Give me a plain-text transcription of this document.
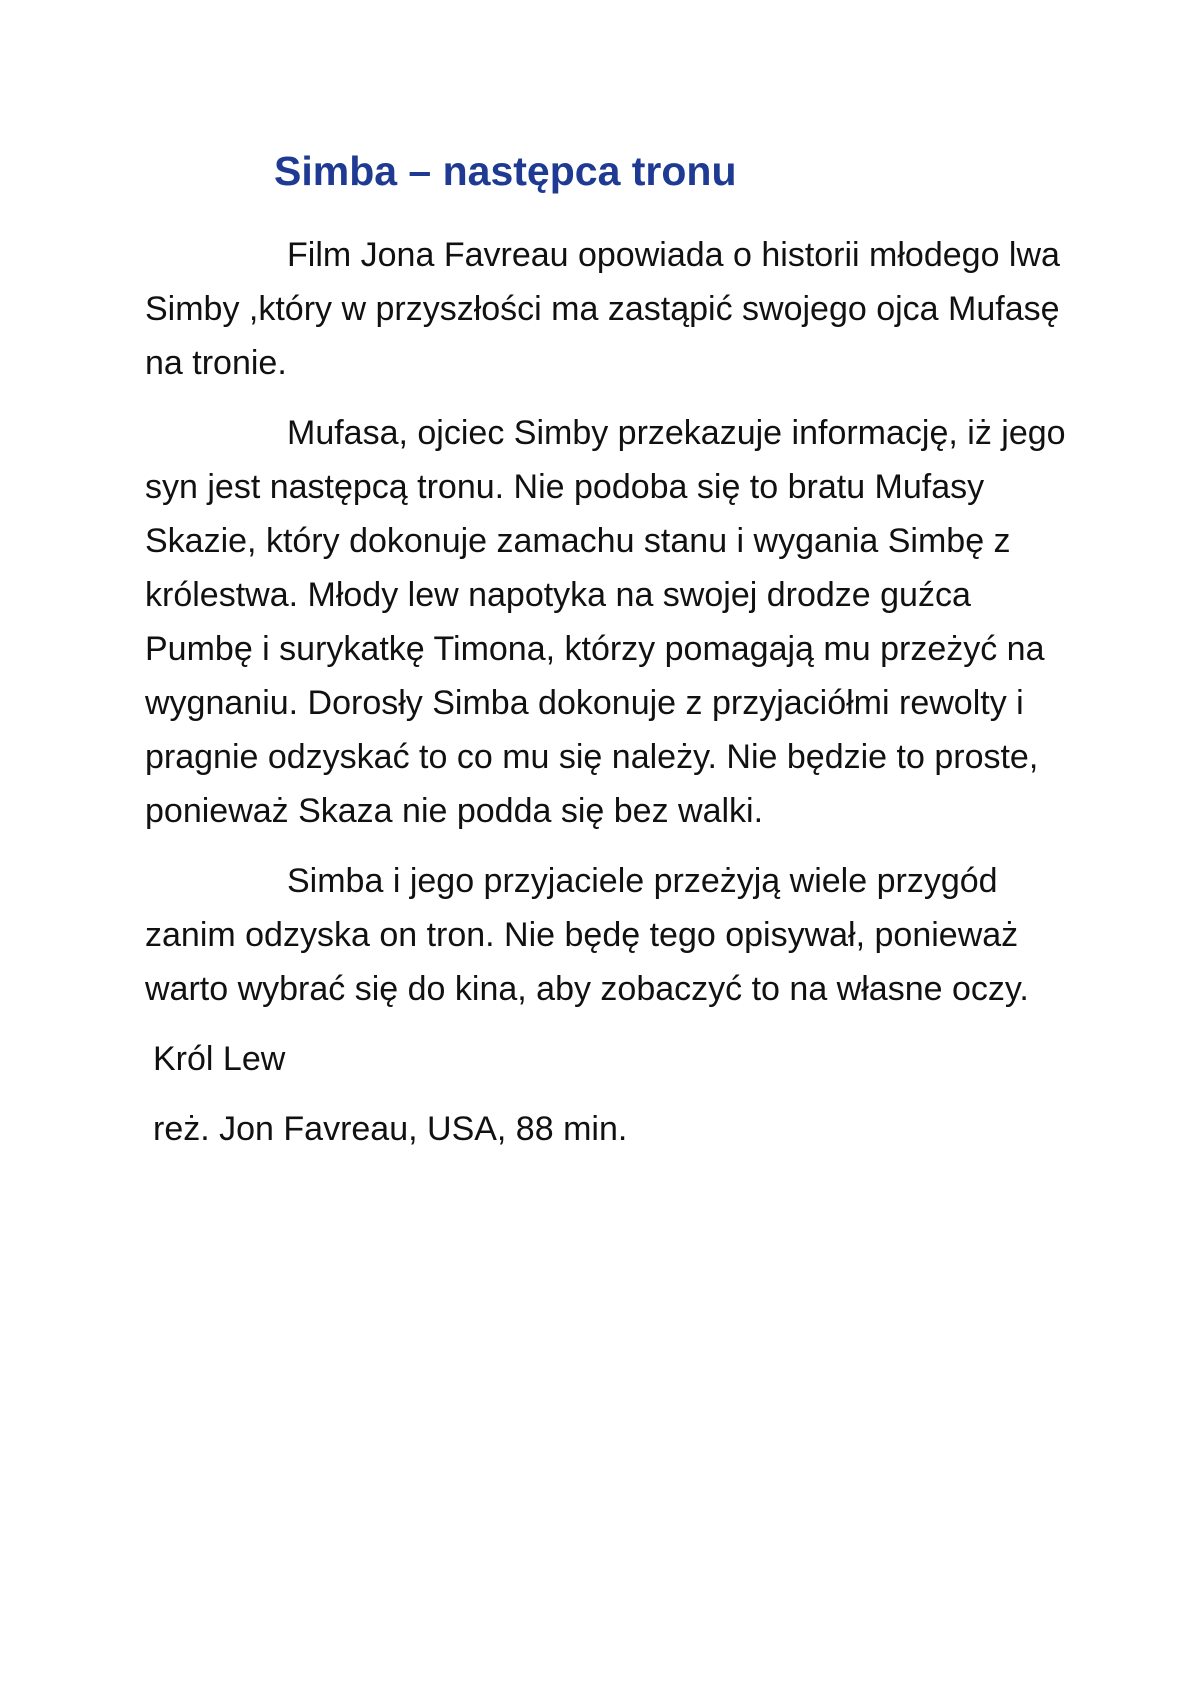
Simba – następca tronu

Film Jona Favreau opowiada o historii młodego lwa Simby ,który w przyszłości ma zastąpić swojego ojca Mufasę na tronie.

Mufasa, ojciec Simby przekazuje informację, iż jego syn jest następcą tronu. Nie podoba się to bratu Mufasy Skazie, który dokonuje zamachu stanu i wygania Simbę z królestwa. Młody lew napotyka na swojej drodze guźca Pumbę i surykatkę Timona, którzy pomagają mu przeżyć na wygnaniu. Dorosły Simba dokonuje z przyjaciółmi rewolty i pragnie odzyskać to co mu się należy. Nie będzie to proste, ponieważ Skaza nie podda się bez walki.

Simba i jego przyjaciele przeżyją wiele przygód zanim odzyska on tron. Nie będę tego opisywał, ponieważ warto wybrać się do kina, aby zobaczyć to na własne oczy.

Król Lew

reż. Jon Favreau, USA, 88 min.
